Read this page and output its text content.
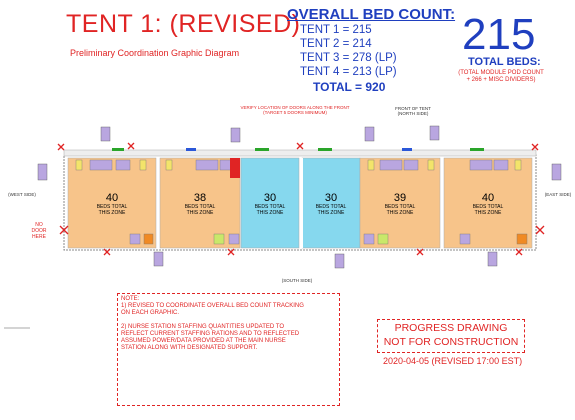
TENT 1: (REVISED)
Preliminary Coordination Graphic Diagram
OVERALL BED COUNT:
TENT 1 = 215
TENT 2 = 214
TENT 3 = 278 (LP)
TENT 4 = 213 (LP)
TOTAL = 920
215
TOTAL BEDS:
(TOTAL MODULE POD COUNT
+ 266 + MISC DIVIDERS)
VERIFY LOCATION OF DOORS ALONG THE FRONT
(TARGET 5 DOORS MINIMUM)
FRONT OF TENT
(NORTH SIDE)
(WEST SIDE)	(EAST SIDE)
(SOUTH SIDE)
NO
DOOR
HERE
40
BEDS TOTAL
THIS ZONE
38
BEDS TOTAL
THIS ZONE
30
BEDS TOTAL
THIS ZONE
30
BEDS TOTAL
THIS ZONE
39
BEDS TOTAL
THIS ZONE
40
BEDS TOTAL
THIS ZONE
NOTE:
1) REVISED TO COORDINATE OVERALL BED COUNT TRACKING
ON EACH GRAPHIC.
2) NURSE STATION STAFFING QUANTITIES UPDATED TO
REFLECT CURRENT STAFFING RATIONS AND TO REFLECTED
ASSUMED POWER/DATA PROVIDED AT THE MAIN NURSE
STATION ALONG WITH DESIGNATED SUPPORT.
PROGRESS DRAWING
NOT FOR CONSTRUCTION
2020-04-05 (REVISED 17:00 EST)
